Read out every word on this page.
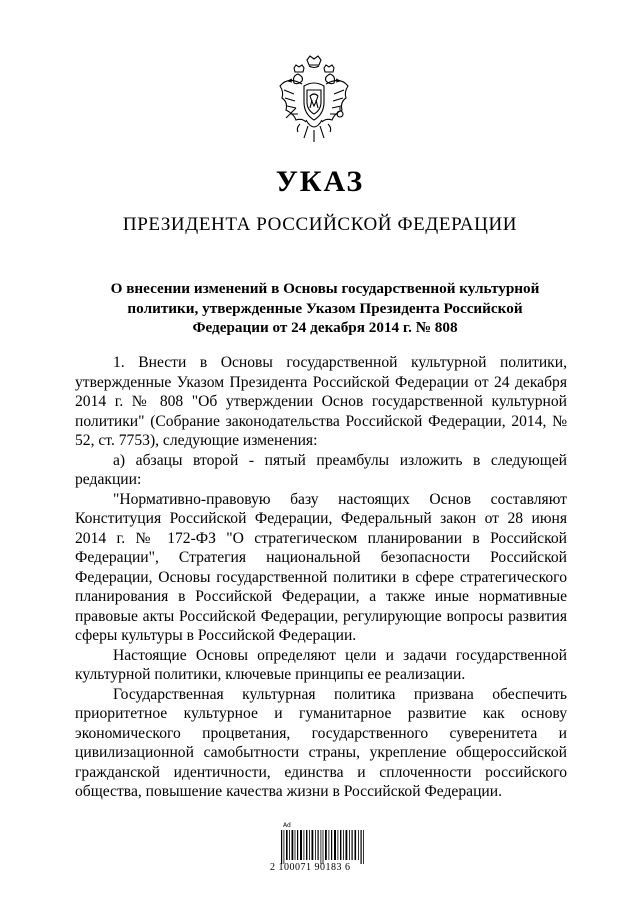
УКАЗ
ПРЕЗИДЕНТА РОССИЙСКОЙ ФЕДЕРАЦИИ
О внесении изменений в Основы государственной культурной политики, утвержденные Указом Президента Российской Федерации от 24 декабря 2014 г. № 808

1. Внести в Основы государственной культурной политики, утвержденные Указом Президента Российской Федерации от 24 декабря 2014 г. № 808 "Об утверждении Основ государственной культурной политики" (Собрание законодательства Российской Федерации, 2014, № 52, ст. 7753), следующие изменения:

а) абзацы второй - пятый преамбулы изложить в следующей редакции:

"Нормативно-правовую базу настоящих Основ составляют Конституция Российской Федерации, Федеральный закон от 28 июня 2014 г. № 172-ФЗ "О стратегическом планировании в Российской Федерации", Стратегия национальной безопасности Российской Федерации, Основы государственной политики в сфере стратегического планирования в Российской Федерации, а также иные нормативные правовые акты Российской Федерации, регулирующие вопросы развития сферы культуры в Российской Федерации.

Настоящие Основы определяют цели и задачи государственной культурной политики, ключевые принципы ее реализации.

Государственная культурная политика призвана обеспечить приоритетное культурное и гуманитарное развитие как основу экономического процветания, государственного суверенитета и цивилизационной самобытности страны, укрепление общероссийской гражданской идентичности, единства и сплоченности российского общества, повышение качества жизни в Российской Федерации.

Ad
2 100071 90183 6
